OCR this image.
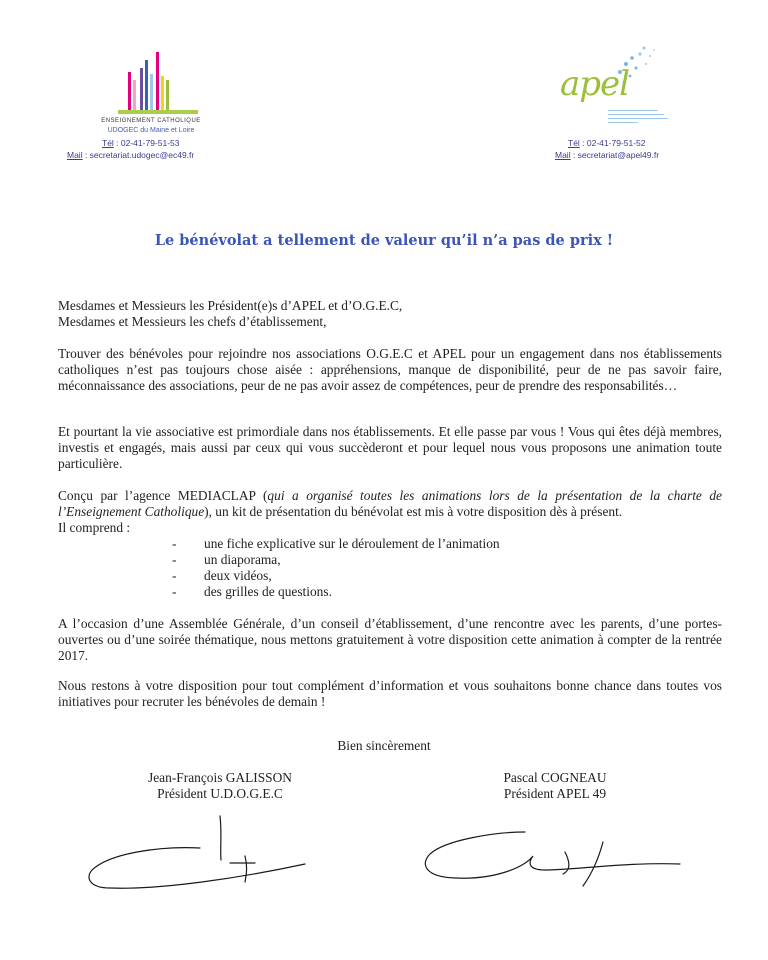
ENSEIGNEMENT CATHOLIQUE
UDOGEC du Maine et Loire
Tél : 02-41-79-51-53
Mail : secretariat.udogec@ec49.fr
apel
Tél : 02-41-79-51-52
Mail : secretariat@apel49.fr
Le bénévolat a tellement de valeur qu’il n’a pas de prix !
Mesdames et Messieurs les Président(e)s d’APEL et d’O.G.E.C,
Mesdames et Messieurs les chefs d’établissement,
Trouver des bénévoles pour rejoindre nos associations O.G.E.C et APEL pour un engagement dans nos établissements catholiques n’est pas toujours chose aisée : appréhensions, manque de disponibilité, peur de ne pas savoir faire, méconnaissance des associations, peur de ne pas avoir assez de compétences, peur de prendre des responsabilités…
Et pourtant la vie associative est primordiale dans nos établissements. Et elle passe par vous ! Vous qui êtes déjà membres, investis et engagés, mais aussi par ceux qui vous succèderont et pour lequel nous vous proposons une animation toute particulière.
Conçu par l’agence MEDIACLAP (qui a organisé toutes les animations lors de la présentation de la charte de l’Enseignement Catholique), un kit de présentation du bénévolat est mis à votre disposition dès à présent.
Il comprend :
- une fiche explicative sur le déroulement de l’animation
- un diaporama,
- deux vidéos,
- des grilles de questions.
A l’occasion d’une Assemblée Générale, d’un conseil d’établissement, d’une rencontre avec les parents, d’une portes-ouvertes ou d’une soirée thématique, nous mettons gratuitement à votre disposition cette animation à compter de la rentrée 2017.
Nous restons à votre disposition pour tout complément d’information et vous souhaitons bonne chance dans toutes vos initiatives pour recruter les bénévoles de demain !
Bien sincèrement
Jean-François GALISSON
Président U.D.O.G.E.C
Pascal COGNEAU
Président APEL 49
